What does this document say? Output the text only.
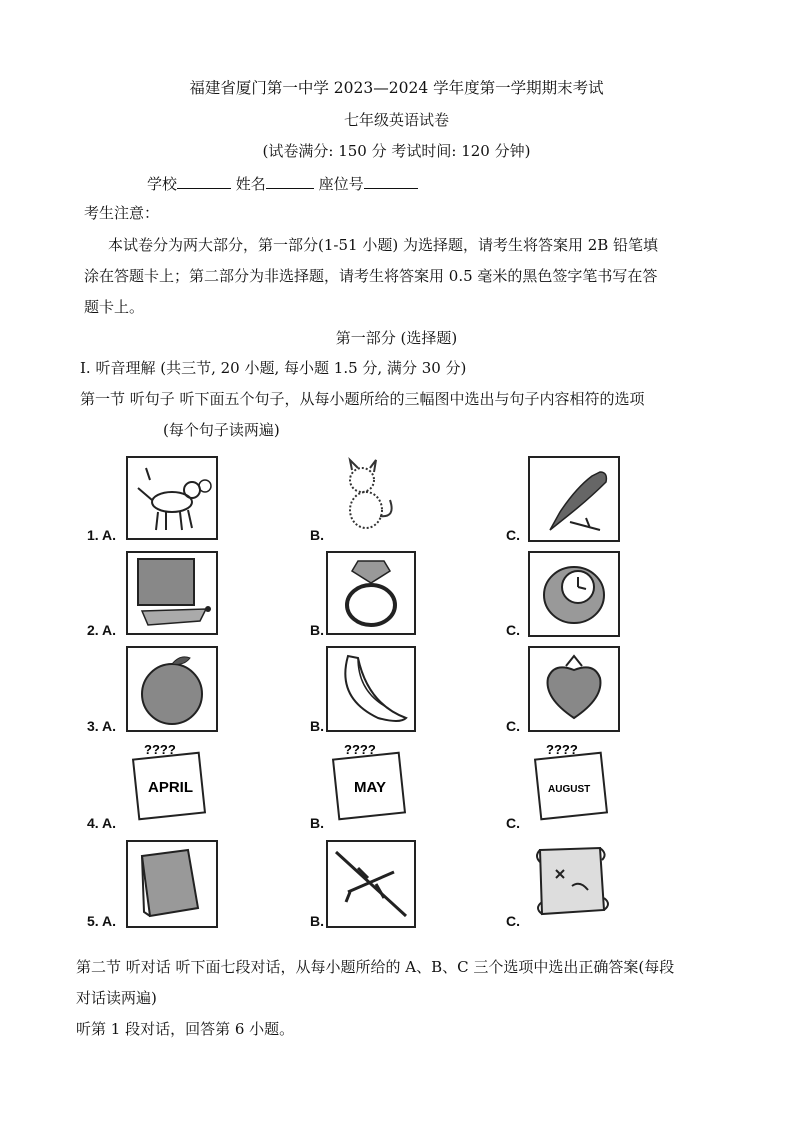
福建省厦门第一中学 2023—2024 学年度第一学期期末考试
七年级英语试卷
(试卷满分: 150 分 考试时间: 120 分钟)
学校	姓名	座位号
考生注意：
本试卷分为两大部分，第一部分(1-51 小题) 为选择题，请考生将答案用 2B 铅笔填
涂在答题卡上；第二部分为非选择题，请考生将答案用 0.5 毫米的黑色签字笔书写在答
题卡上。
第一部分 (选择题)
I. 听音理解 (共三节, 20 小题, 每小题 1.5 分, 满分 30 分)
第一节 听句子 听下面五个句子，从每小题所给的三幅图中选出与句子内容相符的选项
(每个句子读两遍)
1. A.	B.	C.
2. A.	B.	C.
3. A.	B.	C.
4. A.
????
APRIL
B.
????
MAY
C.
????
AUGUST
5. A.	B.	C.
第二节 听对话 听下面七段对话，从每小题所给的 A、B、C 三个选项中选出正确答案(每段
对话读两遍)
听第 1 段对话，回答第 6 小题。
